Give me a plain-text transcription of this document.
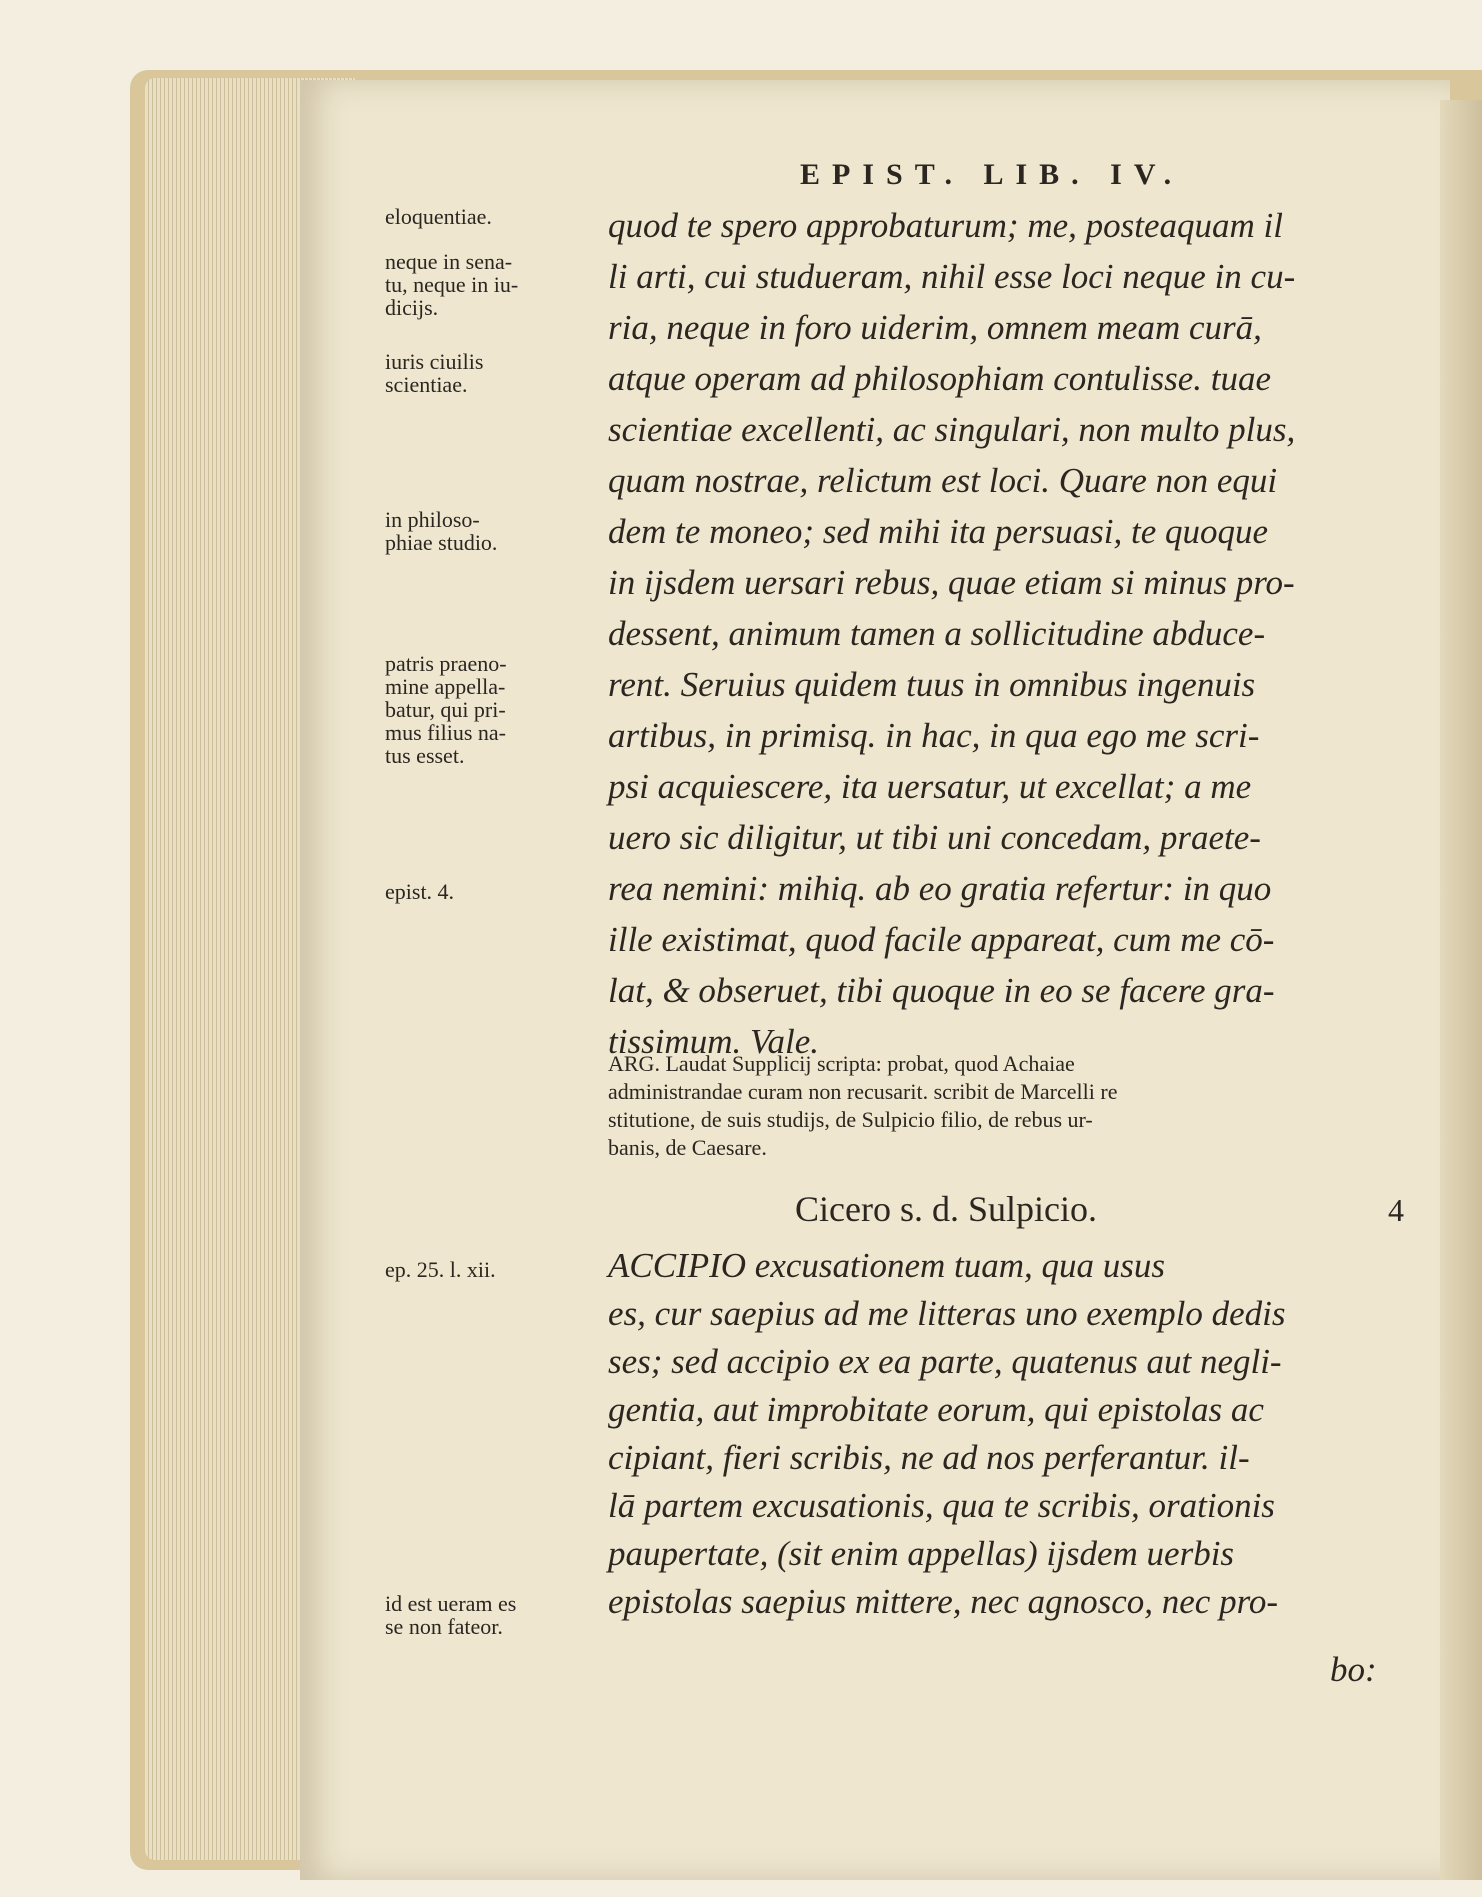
EPIST. LIB. IV.
quod te spero approbaturum; me, posteaquam il
li arti, cui studueram, nihil esse loci neque in cu-
ria, neque in foro uiderim, omnem meam curā,
atque operam ad philosophiam contulisse. tuae
scientiae excellenti, ac singulari, non multo plus,
quam nostrae, relictum est loci. Quare non equi
dem te moneo; sed mihi ita persuasi, te quoque
in ijsdem uersari rebus, quae etiam si minus pro-
dessent, animum tamen a sollicitudine abduce-
rent. Seruius quidem tuus in omnibus ingenuis
artibus, in primisq. in hac, in qua ego me scri-
psi acquiescere, ita uersatur, ut excellat; a me
uero sic diligitur, ut tibi uni concedam, praete-
rea nemini: mihiq. ab eo gratia refertur: in quo
ille existimat, quod facile appareat, cum me cō-
lat, & obseruet, tibi quoque in eo se facere gra-
tissimum. Vale.
ARG. Laudat Supplicij scripta: probat, quod Achaiae
administrandae curam non recusarit. scribit de Marcelli re
stitutione, de suis studijs, de Sulpicio filio, de rebus ur-
banis, de Caesare.
Cicero s. d. Sulpicio.	4
ACCIPIO excusationem tuam, qua usus
es, cur saepius ad me litteras uno exemplo dedis
ses; sed accipio ex ea parte, quatenus aut negli-
gentia, aut improbitate eorum, qui epistolas ac
cipiant, fieri scribis, ne ad nos perferantur. il-
lā partem excusationis, qua te scribis, orationis
paupertate, (sit enim appellas) ijsdem uerbis
epistolas saepius mittere, nec agnosco, nec pro-
bo:
eloquentiae.
neque in sena-
tu, neque in iu-
dicijs.
iuris ciuilis
scientiae.
in philoso-
phiae studio.
patris praeno-
mine appella-
batur, qui pri-
mus filius na-
tus esset.
epist. 4.
ep. 25. l. xii.
id est ueram es
se non fateor.
